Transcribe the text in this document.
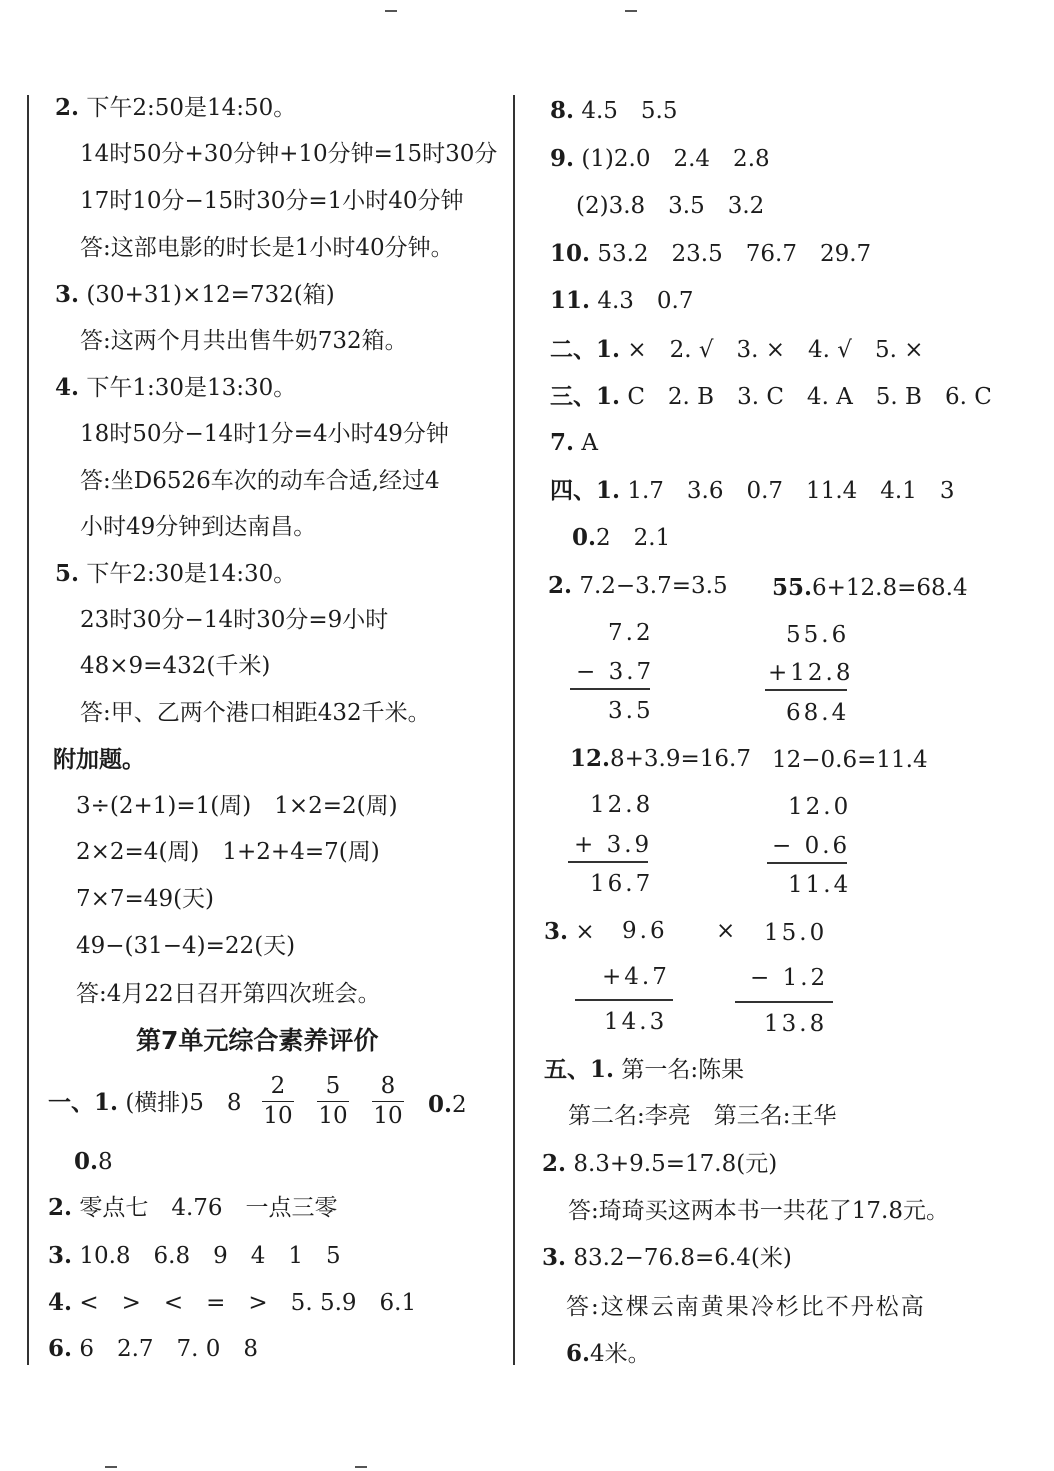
2. 下午2:50是14:50。
14时50分+30分钟+10分钟=15时30分
17时10分−15时30分=1小时40分钟
答:这部电影的时长是1小时40分钟。
3. (30+31)×12=732(箱)
答:这两个月共出售牛奶732箱。
4. 下午1:30是13:30。
18时50分−14时1分=4小时49分钟
答:坐D6526车次的动车合适,经过4
小时49分钟到达南昌。
5. 下午2:30是14:30。
23时30分−14时30分=9小时
48×9=432(千米)
答:甲、乙两个港口相距432千米。
附加题。
3÷(2+1)=1(周)　1×2=2(周)
2×2=4(周)　1+2+4=7(周)
7×7=49(天)
49−(31−4)=22(天)
答:4月22日召开第四次班会。
第7单元综合素养评价
一、1. (横排)5　$8 \frac{2}{10} \frac{5}{10} \frac{8}{10} 0.2$
0.8
2. 零点七　4.76　一点三零
3. 10.8　6.8　9　4　1　5
4. <　>　<　=　>　5. 5.9　6.1
6. 6　2.7　7. 0　8
8. 4.5　5.5
9. (1)2.0　2.4　2.8
(2)3.8　3.5　3.2
10. 53.2　23.5　76.7　29.7
11. 4.3　0.7
二、1. ×　2. √　3. ×　4. √　5. ×
三、1. C　2. B　3. C　4. A　5. B　6. C
7. A
四、1. 1.7　3.6　0.7　11.4　4.1　3
0.2　2.1
2. 7.2−3.7=3.5 55.6+12.8=68.4
7.2
− 3.7
3.5
55.6
+12.8
68.4
12.8+3.9=16.7 12−0.6=11.4
12.8
+ 3.9
16.7
12.0
− 0.6
11.4
3. × 9.6
+4.7
14.3
× 15.0
− 1.2
13.8
五、1. 第一名:陈果
第二名:李亮　第三名:王华
2. 8.3+9.5=17.8(元)
答:琦琦买这两本书一共花了17.8元。
3. 83.2−76.8=6.4(米)
答:这棵云南黄果冷杉比不丹松高
6.4米。
